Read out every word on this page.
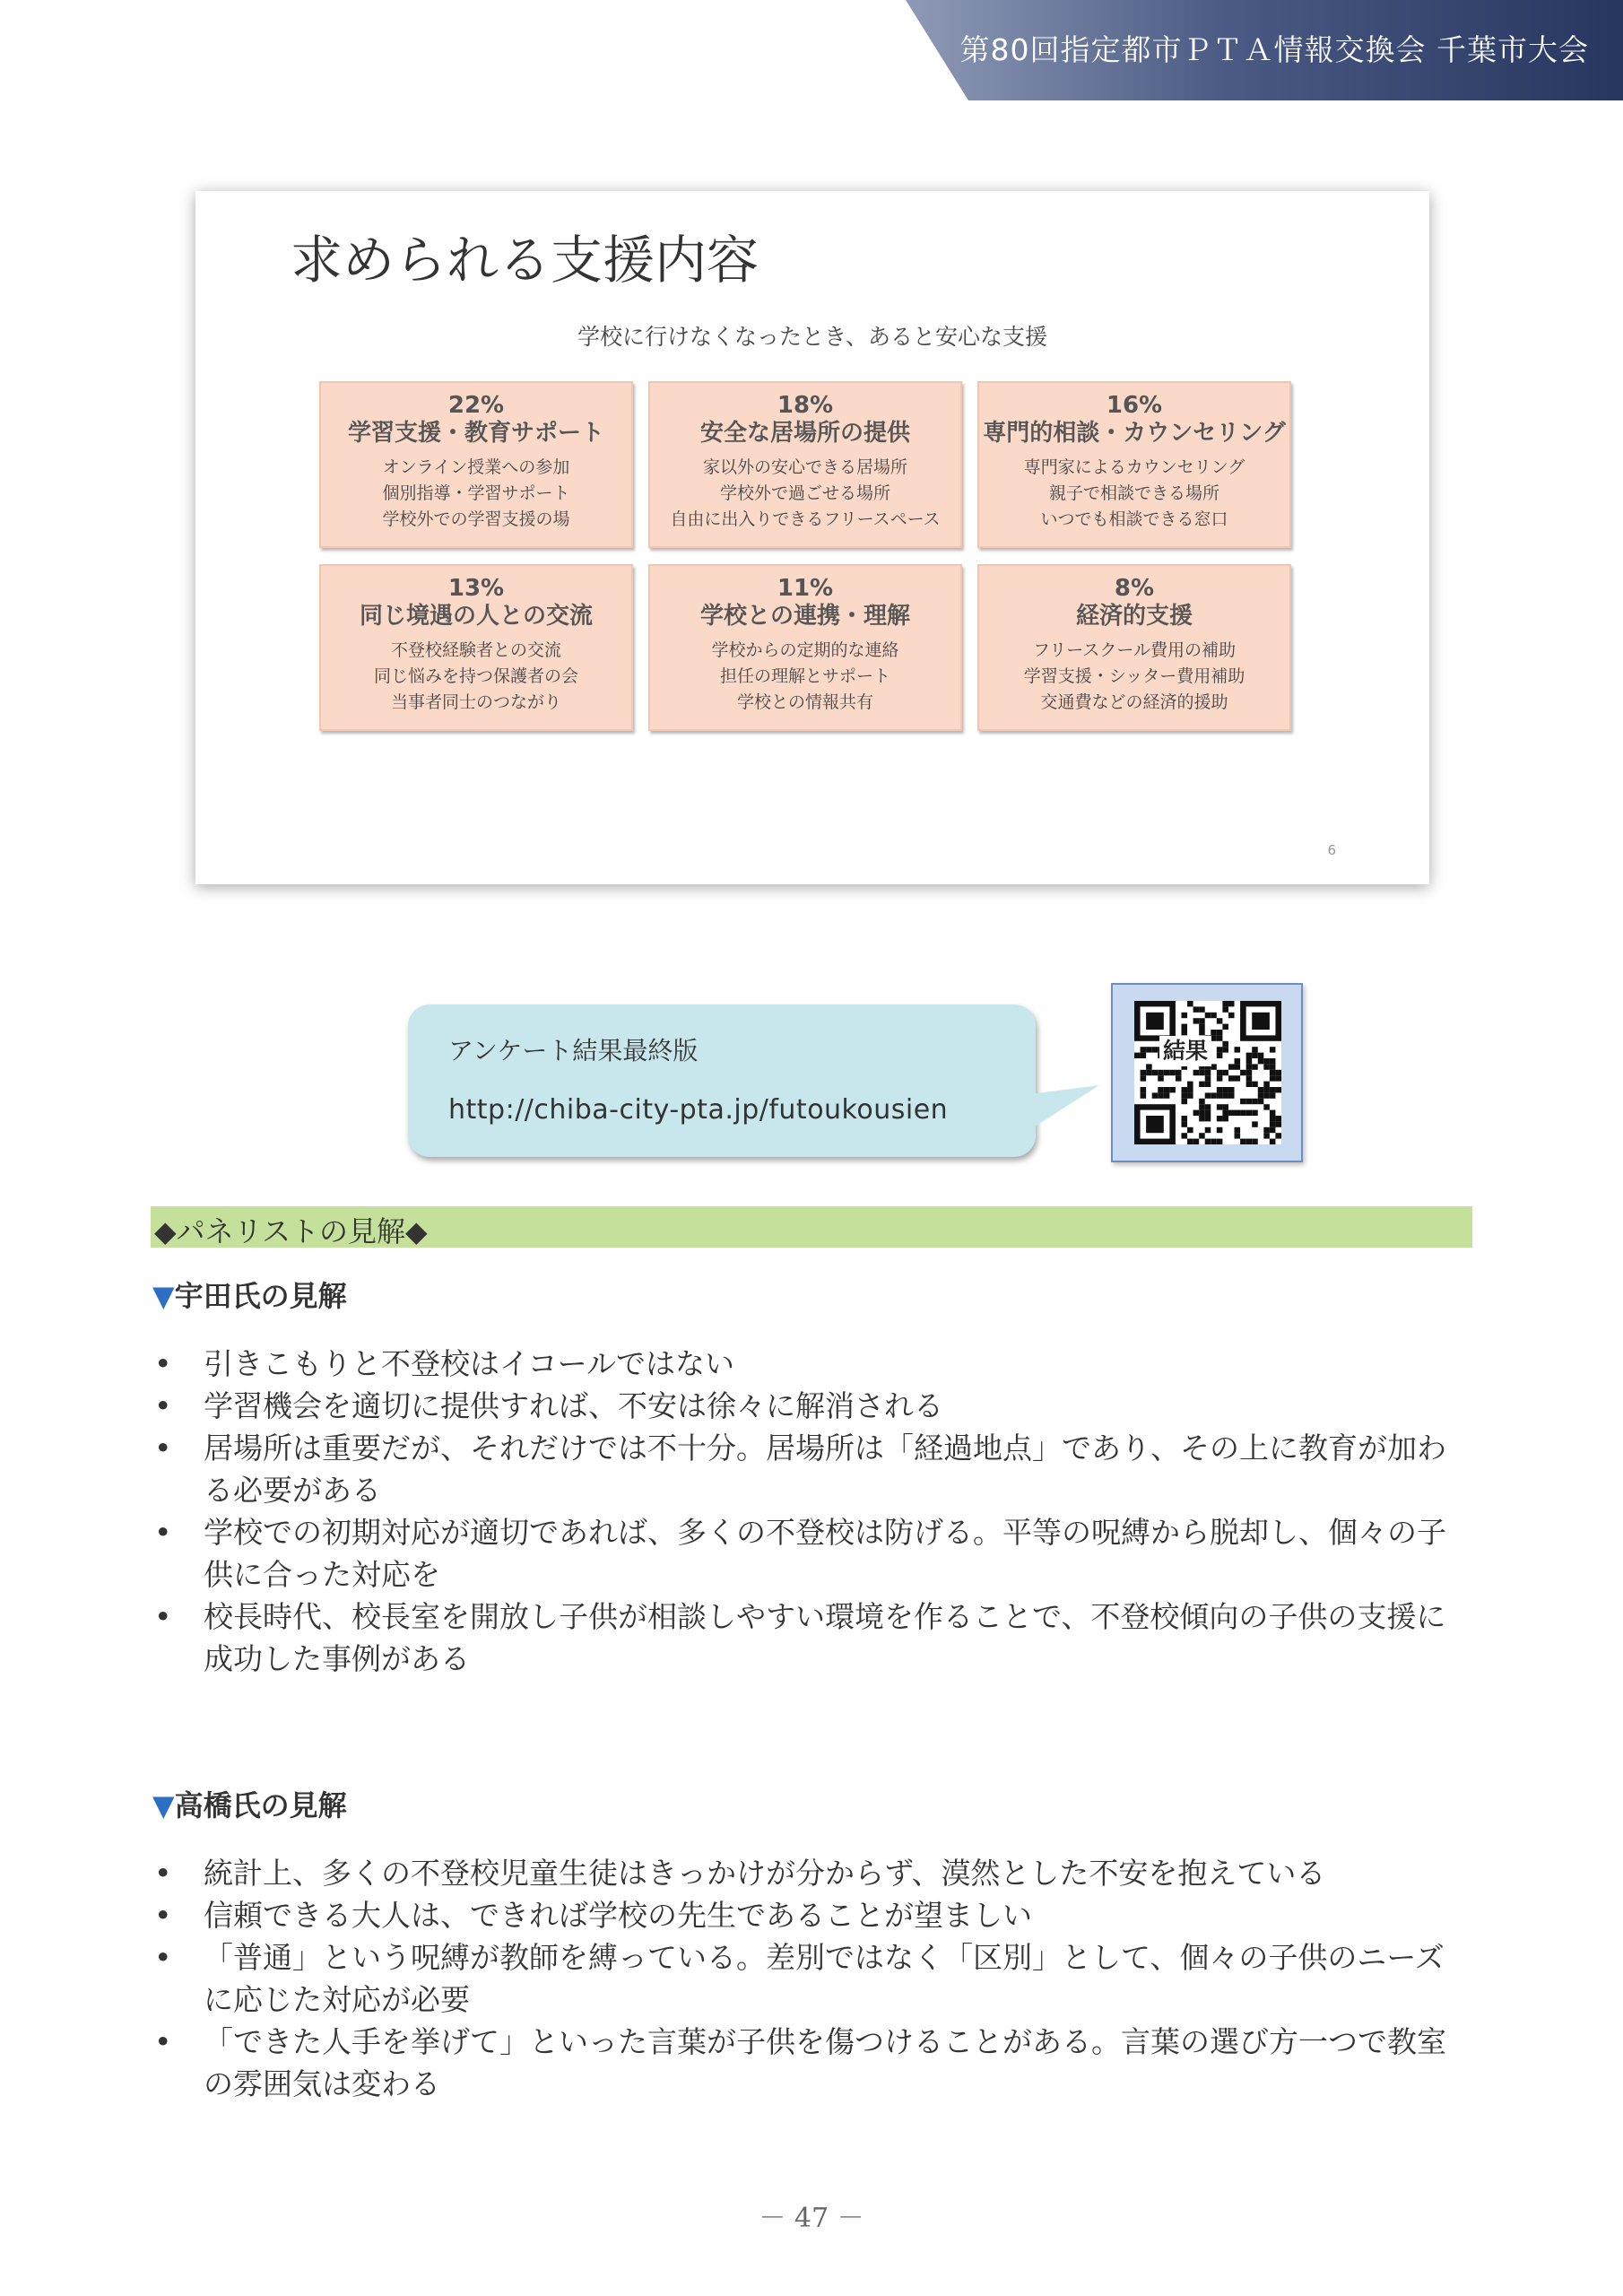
第80回指定都市ＰＴＡ情報交換会 千葉市大会
求められる支援内容
学校に行けなくなったとき、あると安心な支援
22%
学習支援・教育サポート
オンライン授業への参加
個別指導・学習サポート
学校外での学習支援の場
18%
安全な居場所の提供
家以外の安心できる居場所
学校外で過ごせる場所
自由に出入りできるフリースペース
16%
専門的相談・カウンセリング
専門家によるカウンセリング
親子で相談できる場所
いつでも相談できる窓口
13%
同じ境遇の人との交流
不登校経験者との交流
同じ悩みを持つ保護者の会
当事者同士のつながり
11%
学校との連携・理解
学校からの定期的な連絡
担任の理解とサポート
学校との情報共有
8%
経済的支援
フリースクール費用の補助
学習支援・シッター費用補助
交通費などの経済的援助
6
アンケート結果最終版
http://chiba-city-pta.jp/futoukousien
結果
◆パネリストの見解◆
▼宇田氏の見解
• 引きこもりと不登校はイコールではない
• 学習機会を適切に提供すれば、不安は徐々に解消される
• 居場所は重要だが、それだけでは不十分。居場所は「経過地点」であり、その上に教育が加わる必要がある
• 学校での初期対応が適切であれば、多くの不登校は防げる。平等の呪縛から脱却し、個々の子供に合った対応を
• 校長時代、校長室を開放し子供が相談しやすい環境を作ることで、不登校傾向の子供の支援に成功した事例がある
▼高橋氏の見解
• 統計上、多くの不登校児童生徒はきっかけが分からず、漠然とした不安を抱えている
• 信頼できる大人は、できれば学校の先生であることが望ましい
• 「普通」という呪縛が教師を縛っている。差別ではなく「区別」として、個々の子供のニーズに応じた対応が必要
• 「できた人手を挙げて」といった言葉が子供を傷つけることがある。言葉の選び方一つで教室の雰囲気は変わる
－ 47 －
